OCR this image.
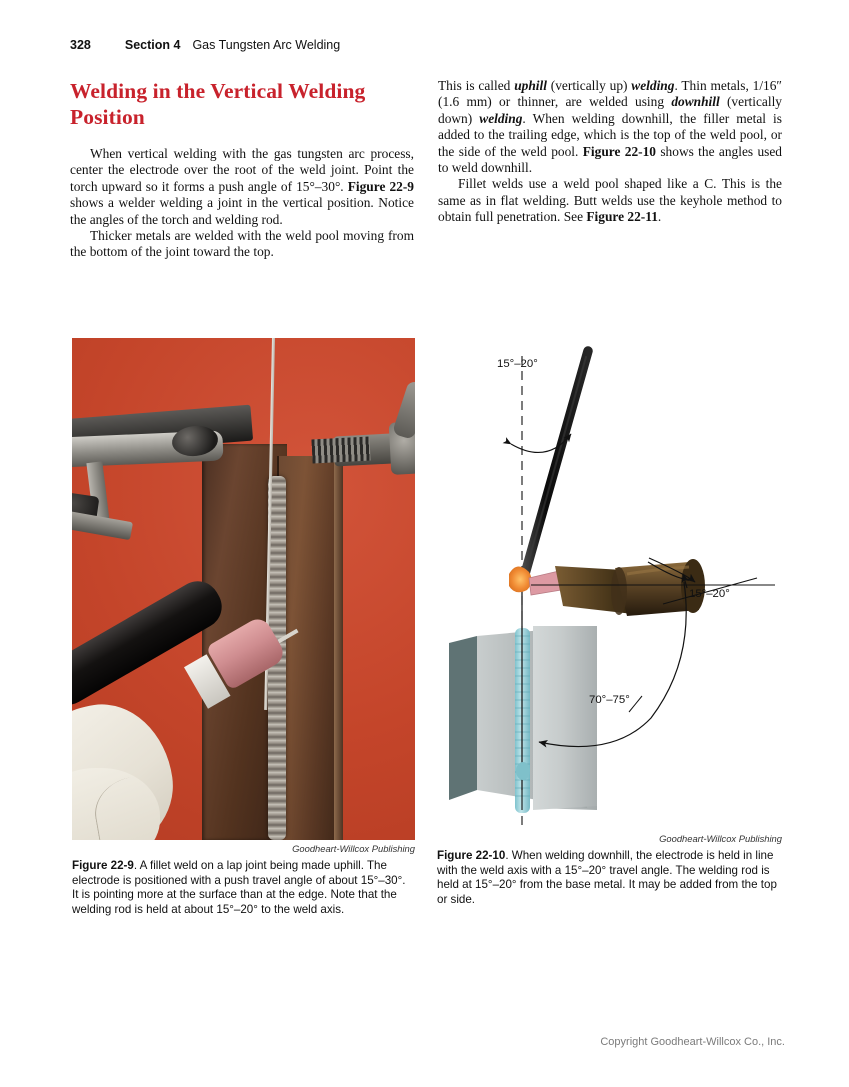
328	Section 4 Gas Tungsten Arc Welding
Welding in the Vertical Welding Position

When vertical welding with the gas tungsten arc process, center the electrode over the root of the weld joint. Point the torch upward so it forms a push angle of 15°–30°. Figure 22-9 shows a welder welding a joint in the vertical position. Notice the angles of the torch and welding rod.

Thicker metals are welded with the weld pool moving from the bottom of the joint toward the top.

This is called uphill (vertically up) welding. Thin metals, 1/16″ (1.6 mm) or thinner, are welded using downhill (vertically down) welding. When welding downhill, the filler metal is added to the trailing edge, which is the top of the weld pool, or the side of the weld pool. Figure 22-10 shows the angles used to weld downhill.

Fillet welds use a weld pool shaped like a C. This is the same as in flat welding. Butt welds use the keyhole method to obtain full penetration. See Figure 22-11.

Goodheart-Willcox Publishing
Figure 22-9. A fillet weld on a lap joint being made uphill. The electrode is positioned with a push travel angle of about 15°–30°. It is pointing more at the surface than at the edge. Note that the welding rod is held at about 15°–20° to the weld axis.
15°–20°
15°–20°
70°–75°
Goodheart-Willcox Publishing
Figure 22-10. When welding downhill, the electrode is held in line with the weld axis with a 15°–20° travel angle. The welding rod is held at 15°–20° from the base metal. It may be added from the top or side.
Copyright Goodheart-Willcox Co., Inc.
